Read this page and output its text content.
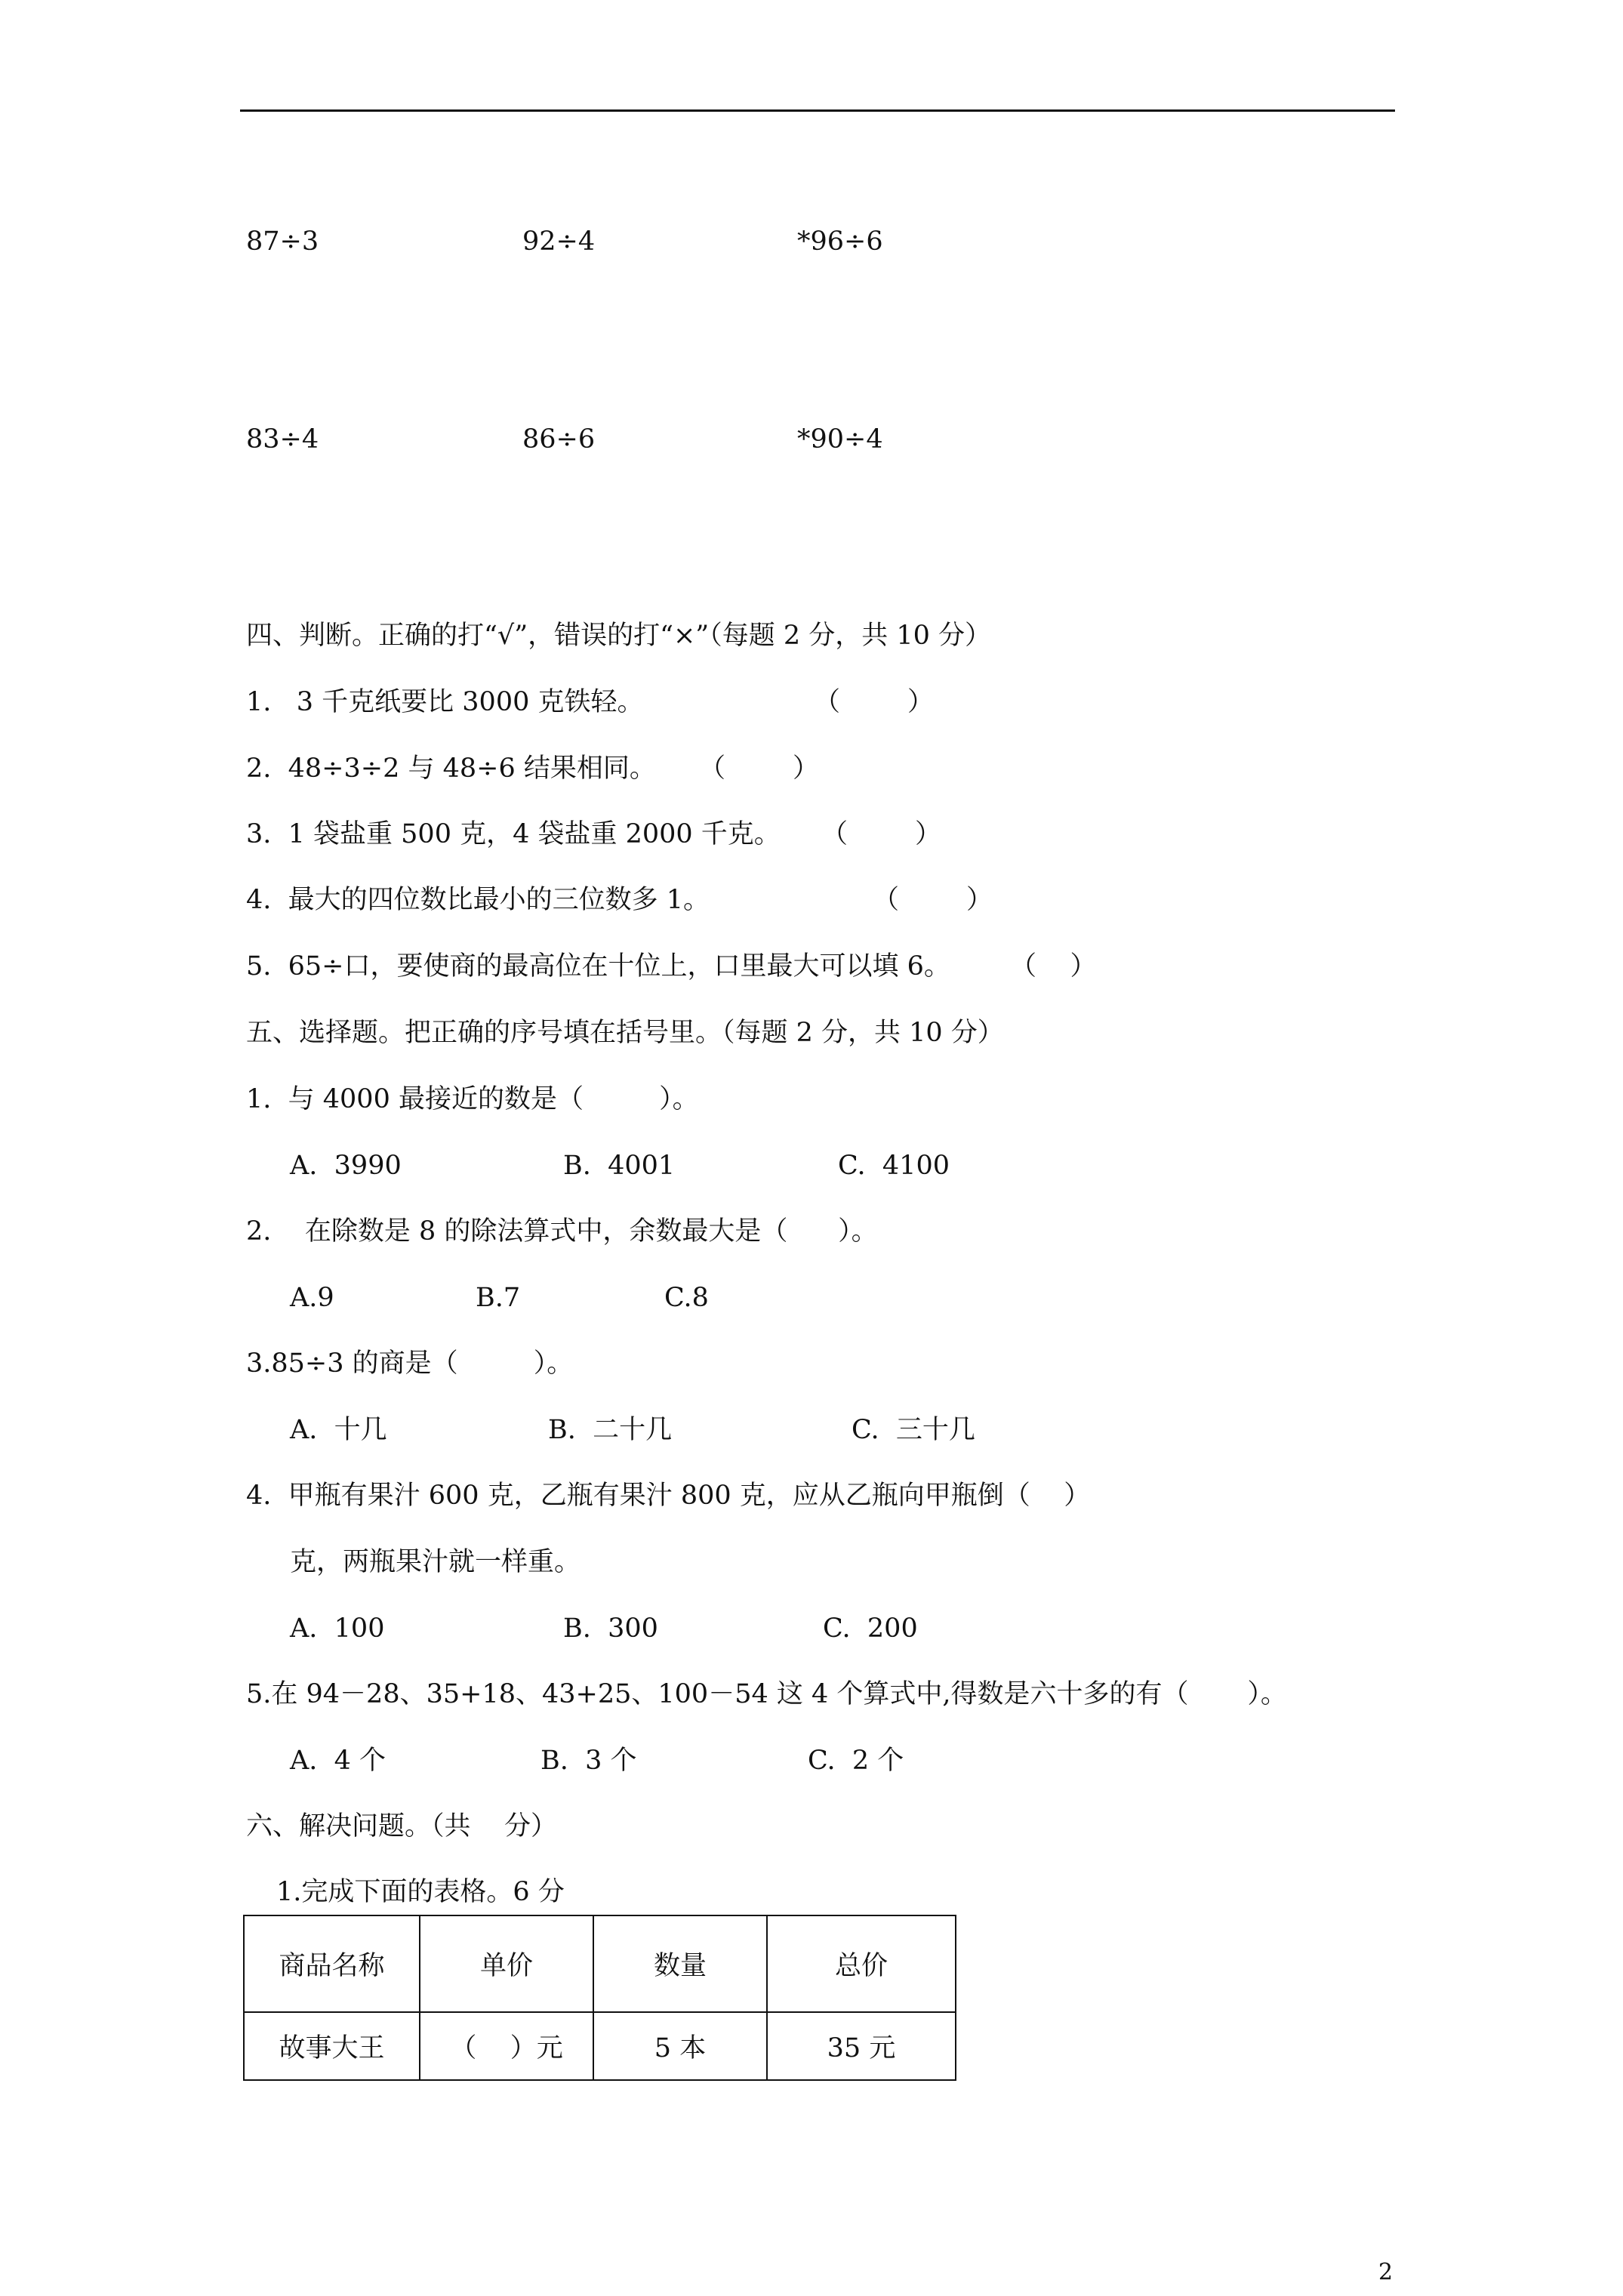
87÷3	92÷4	*96÷6
83÷4	86÷6	*90÷4
四、判断。正确的打“√”，错误的打“×”（每题 2 分，共 10 分）
1.   3 千克纸要比 3000 克铁轻。	（        ）
2.  48÷3÷2 与 48÷6 结果相同。 （        ）
3.  1 袋盐重 500 克，4 袋盐重 2000 千克。 （        ）
4.  最大的四位数比最小的三位数多 1。	（        ）
5.  65÷口，要使商的最高位在十位上，口里最大可以填 6。 （    ）
五、选择题。把正确的序号填在括号里。（每题 2 分，共 10 分）
1.  与 4000 最接近的数是（         ）。
A.  3990	B.  4001	C.  4100
2.    在除数是 8 的除法算式中，余数最大是（      ）。
A.9	B.7	C.8
3.85÷3 的商是（         ）。
A.  十几	B.  二十几	C.  三十几
4.  甲瓶有果汁 600 克，乙瓶有果汁 800 克，应从乙瓶向甲瓶倒（    ）
克，两瓶果汁就一样重。
A.  100	B.  300	C.  200
5.在 94－28、35+18、43+25、100－54 这 4 个算式中,得数是六十多的有（       ）。
A.  4 个	B.  3 个	C.  2 个
六、解决问题。（共    分）
1.完成下面的表格。6 分
商品名称	单价	数量	总价
故事大王	（    ）元	5 本	35 元
2
